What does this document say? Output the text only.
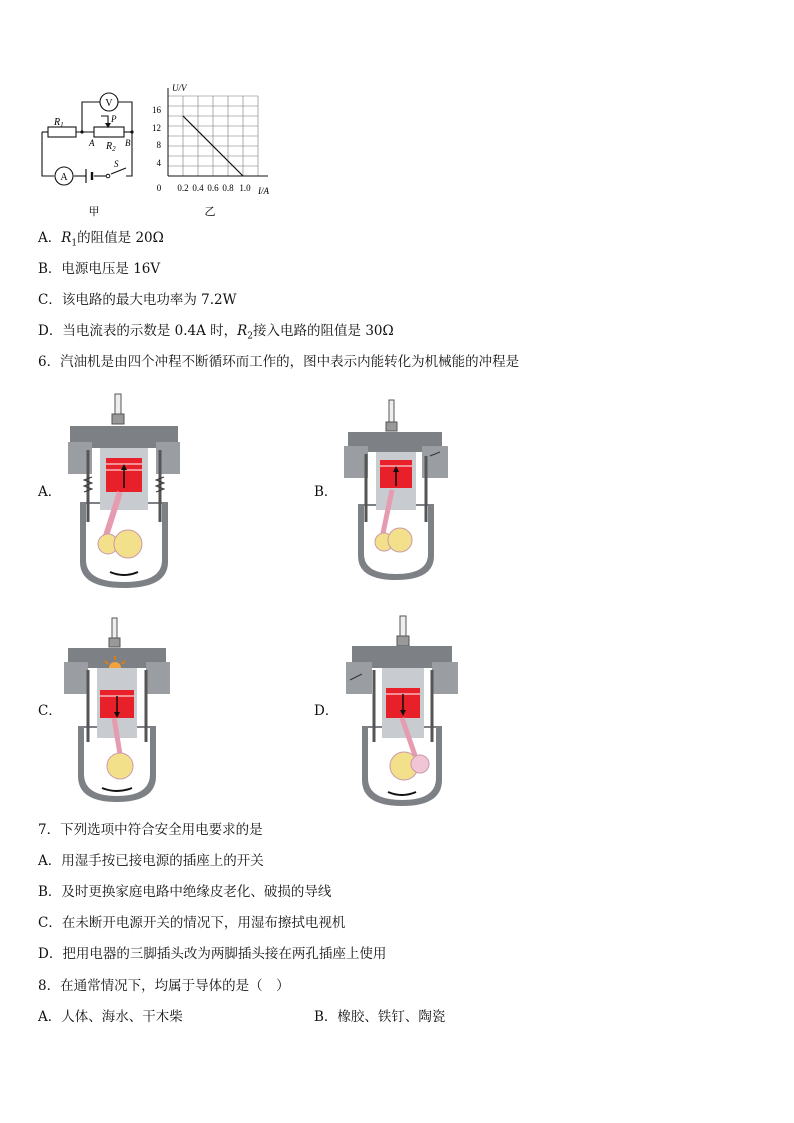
V
A
$R_1$
$R_2$
P
A	B
S
甲
U/V
I/A
16
12
8
4
0 0.2 0.4 0.6 0.8 1.0
乙
A．$R_1$的阻值是 20Ω
B．电源电压是 16V
C．该电路的最大电功率为 7.2W
D．当电流表的示数是 0.4A 时，$R_2$接入电路的阻值是 30Ω
6．汽油机是由四个冲程不断循环而工作的，图中表示内能转化为机械能的冲程是
A．	B．
C．	D．
7．下列选项中符合安全用电要求的是
A．用湿手按已接电源的插座上的开关
B．及时更换家庭电路中绝缘皮老化、破损的导线
C．在未断开电源开关的情况下，用湿布擦拭电视机
D．把用电器的三脚插头改为两脚插头接在两孔插座上使用
8．在通常情况下，均属于导体的是（　）
A．人体、海水、干木柴	B．橡胶、铁钉、陶瓷
